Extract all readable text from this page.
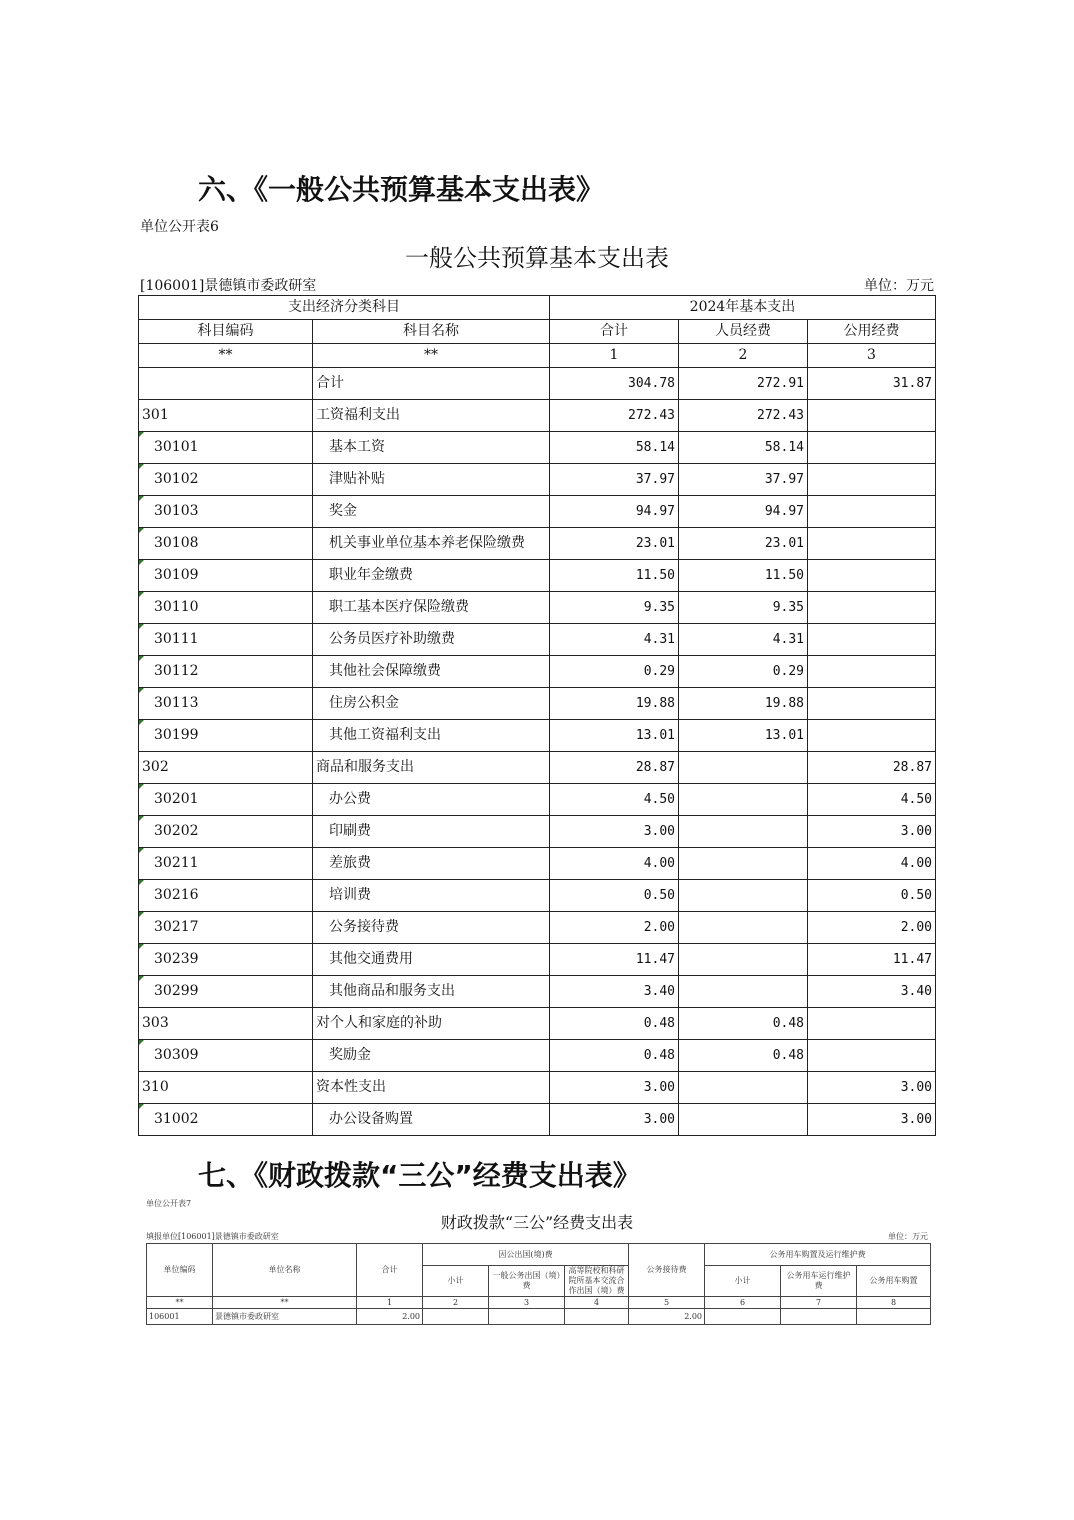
六、《一般公共预算基本支出表》
单位公开表6
一般公共预算基本支出表
[106001]景德镇市委政研室	单位：万元
支出经济分类科目		2024年基本支出		
科目编码	科目名称	合计	人员经费	公用经费
**	**	1	2	3
	合计	304.78	272.91	31.87
301	工资福利支出	272.43	272.43	
30101	基本工资	58.14	58.14	
30102	津贴补贴	37.97	37.97	
30103	奖金	94.97	94.97	
30108	机关事业单位基本养老保险缴费	23.01	23.01	
30109	职业年金缴费	11.50	11.50	
30110	职工基本医疗保险缴费	9.35	9.35	
30111	公务员医疗补助缴费	4.31	4.31	
30112	其他社会保障缴费	0.29	0.29	
30113	住房公积金	19.88	19.88	
30199	其他工资福利支出	13.01	13.01	
302	商品和服务支出	28.87		28.87
30201	办公费	4.50		4.50
30202	印刷费	3.00		3.00
30211	差旅费	4.00		4.00
30216	培训费	0.50		0.50
30217	公务接待费	2.00		2.00
30239	其他交通费用	11.47		11.47
30299	其他商品和服务支出	3.40		3.40
303	对个人和家庭的补助	0.48	0.48	
30309	奖励金	0.48	0.48	
310	资本性支出	3.00		3.00
31002	办公设备购置	3.00		3.00
七、《财政拨款“三公”经费支出表》
单位公开表7
财政拨款“三公”经费支出表
填报单位[106001]景德镇市委政研室	单位：万元
单位编码	单位名称	合计	因公出国(境)费			公务接待费	公务用车购置及运行维护费		
			小计	一般公务出国（境）费	高等院校和科研院所基本交流合作出国（境）费		小计	公务用车运行维护费	公务用车购置
**	**	1	2	3	4	5	6	7	8
106001	景德镇市委政研室	2.00				2.00			
